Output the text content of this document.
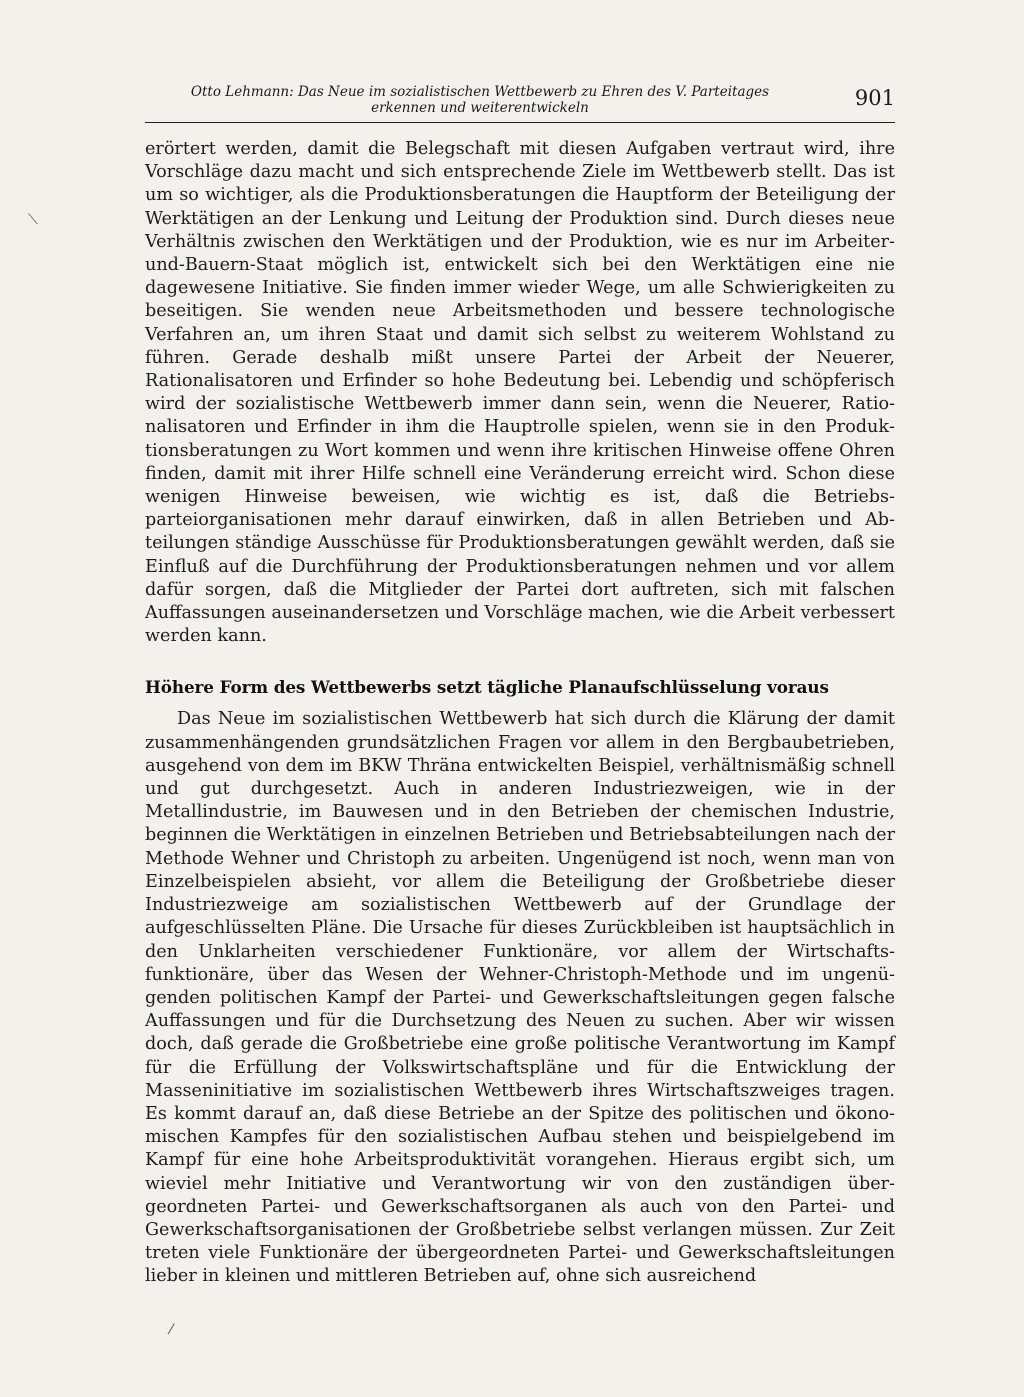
Otto Lehmann: Das Neue im sozialistischen Wettbewerb zu Ehren des V. Parteitages
erkennen und weiterentwickeln	901
⟍
⁄

erörtert werden, damit die Belegschaft mit diesen Aufgaben vertraut wird, ihre Vorschläge dazu macht und sich entsprechende Ziele im Wettbewerb stellt. Das ist um so wichtiger, als die Produktionsberatungen die Hauptform der Beteiligung der Werktätigen an der Lenkung und Leitung der Produktion sind. Durch dieses neue Verhältnis zwischen den Werktätigen und der Produktion, wie es nur im Arbeiter-und-Bauern-Staat möglich ist, entwickelt sich bei den Werktätigen eine nie dagewesene Initiative. Sie finden immer wieder Wege, um alle Schwierigkeiten zu beseitigen. Sie wenden neue Arbeitsmethoden und bessere technologische Verfahren an, um ihren Staat und damit sich selbst zu weiterem Wohlstand zu führen. Gerade deshalb mißt unsere Partei der Arbeit der Neuerer, Rationalisatoren und Erfinder so hohe Bedeutung bei. Lebendig und schöpferisch wird der sozialistische Wettbewerb immer dann sein, wenn die Neuerer, Rationalisatoren und Erfinder in ihm die Hauptrolle spielen, wenn sie in den Produktionsberatungen zu Wort kommen und wenn ihre kritischen Hinweise offene Ohren finden, damit mit ihrer Hilfe schnell eine Veränderung erreicht wird. Schon diese wenigen Hinweise beweisen, wie wichtig es ist, daß die Betriebsparteiorganisationen mehr darauf einwirken, daß in allen Betrieben und Abteilungen ständige Ausschüsse für Produktionsberatungen gewählt werden, daß sie Einfluß auf die Durchführung der Produktionsberatungen nehmen und vor allem dafür sorgen, daß die Mitglieder der Partei dort auftreten, sich mit falschen Auffassungen auseinandersetzen und Vorschläge machen, wie die Arbeit verbessert werden kann.

Höhere Form des Wettbewerbs setzt tägliche Planaufschlüsselung voraus

Das Neue im sozialistischen Wettbewerb hat sich durch die Klärung der damit zusammenhängenden grundsätzlichen Fragen vor allem in den Bergbaubetrieben, ausgehend von dem im BKW Thräna entwickelten Beispiel, verhältnismäßig schnell und gut durchgesetzt. Auch in anderen Industriezweigen, wie in der Metallindustrie, im Bauwesen und in den Betrieben der chemischen Industrie, beginnen die Werktätigen in einzelnen Betrieben und Betriebsabteilungen nach der Methode Wehner und Christoph zu arbeiten. Ungenügend ist noch, wenn man von Einzelbeispielen absieht, vor allem die Beteiligung der Großbetriebe dieser Industriezweige am sozialistischen Wettbewerb auf der Grundlage der aufgeschlüsselten Pläne. Die Ursache für dieses Zurückbleiben ist hauptsächlich in den Unklarheiten verschiedener Funktionäre, vor allem der Wirtschaftsfunktionäre, über das Wesen der Wehner-Christoph-Methode und im ungenügenden politischen Kampf der Partei- und Gewerkschaftsleitungen gegen falsche Auffassungen und für die Durchsetzung des Neuen zu suchen. Aber wir wissen doch, daß gerade die Großbetriebe eine große politische Verantwortung im Kampf für die Erfüllung der Volkswirtschaftspläne und für die Entwicklung der Masseninitiative im sozialistischen Wettbewerb ihres Wirtschaftszweiges tragen. Es kommt darauf an, daß diese Betriebe an der Spitze des politischen und ökonomischen Kampfes für den sozialistischen Aufbau stehen und beispielgebend im Kampf für eine hohe Arbeitsproduktivität vorangehen. Hieraus ergibt sich, um wieviel mehr Initiative und Verantwortung wir von den zuständigen übergeordneten Partei- und Gewerkschaftsorganen als auch von den Partei- und Gewerkschaftsorganisationen der Großbetriebe selbst verlangen müssen. Zur Zeit treten viele Funktionäre der übergeordneten Partei- und Gewerkschaftsleitungen lieber in kleinen und mittleren Betrieben auf, ohne sich ausreichend
